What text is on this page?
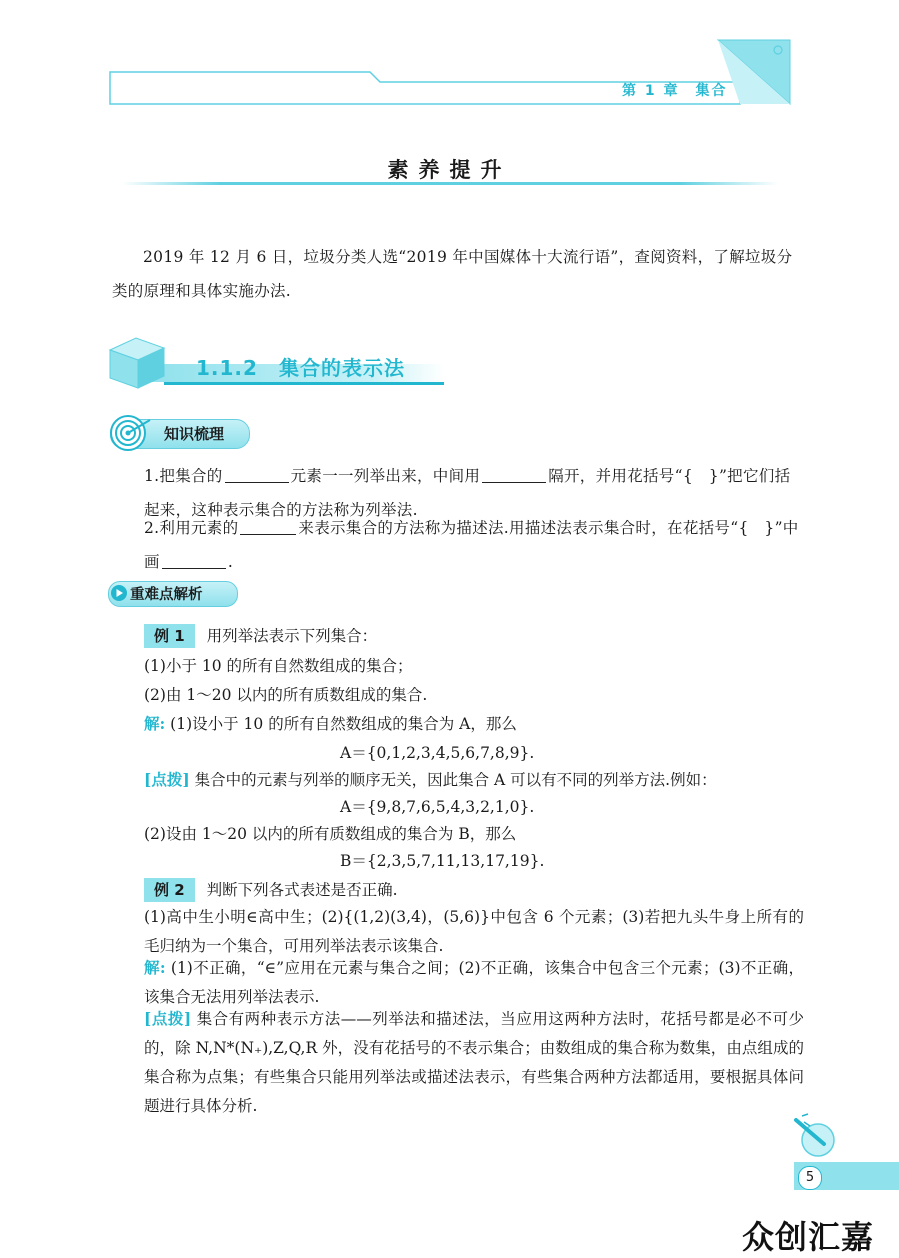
第 1 章　集合
素养提升
2019 年 12 月 6 日，垃圾分类人选“2019 年中国媒体十大流行语”，查阅资料，了解垃圾分类的原理和具体实施办法.
1.1.2　集合的表示法
知识梳理
1.把集合的	元素一一列举出来，中间用	隔开，并用花括号“{　}”把它们括起来，这种表示集合的方法称为列举法.
2.利用元素的	来表示集合的方法称为描述法.用描述法表示集合时，在花括号“{　}”中画	.
重难点解析
例 1 用列举法表示下列集合：
(1)小于 10 的所有自然数组成的集合；
(2)由 1～20 以内的所有质数组成的集合.
解: (1)设小于 10 的所有自然数组成的集合为 A，那么
A＝{0,1,2,3,4,5,6,7,8,9}.
[点拨] 集合中的元素与列举的顺序无关，因此集合 A 可以有不同的列举方法.例如：
A＝{9,8,7,6,5,4,3,2,1,0}.
(2)设由 1～20 以内的所有质数组成的集合为 B，那么
B＝{2,3,5,7,11,13,17,19}.
例 2 判断下列各式表述是否正确.
(1)高中生小明∈高中生；(2){(1,2)(3,4)，(5,6)}中包含 6 个元素；(3)若把九头牛身上所有的毛归纳为一个集合，可用列举法表示该集合.
解: (1)不正确，“∈”应用在元素与集合之间；(2)不正确，该集合中包含三个元素；(3)不正确，该集合无法用列举法表示.
[点拨] 集合有两种表示方法——列举法和描述法，当应用这两种方法时，花括号都是必不可少的，除 N,N*(N₊),Z,Q,R 外，没有花括号的不表示集合；由数组成的集合称为数集，由点组成的集合称为点集；有些集合只能用列举法或描述法表示，有些集合两种方法都适用，要根据具体问题进行具体分析.
5
众创汇嘉
